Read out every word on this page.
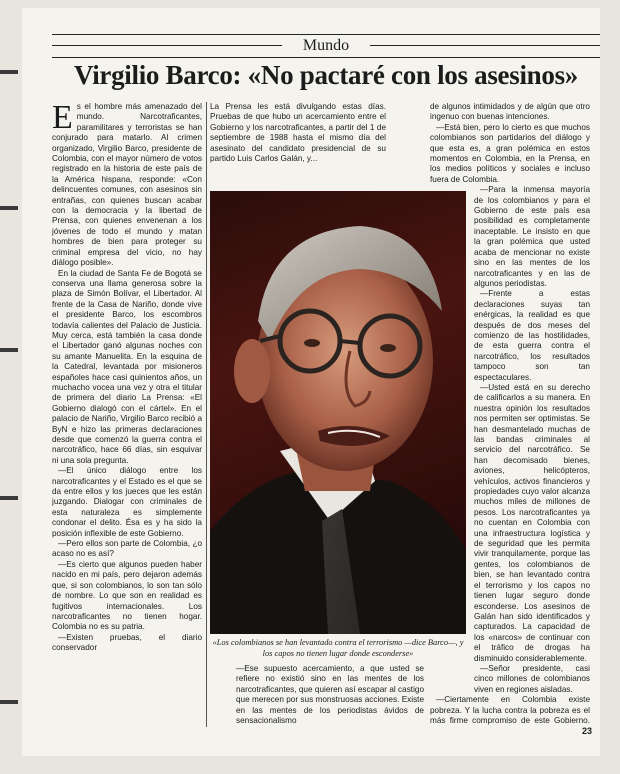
Mundo
Virgilio Barco: «No pactaré con los asesinos»

Es el hombre más amenazado del mundo. Narcotraficantes, paramilitares y terroristas se han conjurado para matarlo. Al crimen organizado, Virgilio Barco, presidente de Colombia, con el mayor número de votos registrado en la historia de este país de la América hispana, responde: «Con delincuentes comunes, con asesinos sin entrañas, con quienes buscan acabar con la democracia y la libertad de Prensa, con quienes envenenan a los jóvenes de todo el mundo y matan hombres de bien para proteger su criminal empresa del vicio, no hay diálogo posible».

En la ciudad de Santa Fe de Bogotá se conserva una llama generosa sobre la plaza de Simón Bolívar, el Libertador. Al frente de la Casa de Nariño, donde vive el presidente Barco, los escombros todavía calientes del Palacio de Justicia. Muy cerca, está también la casa donde el Libertador ganó algunas noches con su amante Manuelita. En la esquina de la Catedral, levantada por misioneros españoles hace casi quinientos años, un muchacho voceа una vez y otra el titular de primera del diario La Prensa: «El Gobierno dialogó con el cártel». En el palacio de Nariño, Virgilio Barco recibió a ByN e hizo las primeras declaraciones desde que comenzó la guerra contra el narcotráfico, hace 66 días, sin esquivar ni una sola pregunta.

—El único diálogo entre los narcotraficantes y el Estado es el que se da entre ellos y los jueces que les están juzgando. Dialogar con criminales de esta naturaleza es simplemente condonar el delito. Ésa es y ha sido la posición inflexible de este Gobierno.

—Pero ellos son parte de Colombia, ¿o acaso no es así?

—Es cierto que algunos pueden haber nacido en mi país, pero dejaron además que, si son colombianos, lo son tan sólo de nombre. Lo que son en realidad es fugitivos internacionales. Los narcotraficantes no tienen hogar. Colombia no es su patria.

—Existen pruebas, el diario conservador

La Prensa les está divulgando estas días. Pruebas de que hubo un acercamiento entre el Gobierno y los narcotraficantes, a partir del 1 de septiembre de 1988 hasta el mismo día del asesinato del candidato presidencial de su partido Luis Carlos Galán, y...

de algunos intimidados y de algún que otro ingenuo con buenas intenciones.

—Está bien, pero lo cierto es que muchos colombianos son partidarios del diálogo y que esta es, a gran polémica en estos momentos en Colombia, en la Prensa, en los medios políticos y sociales e incluso fuera de Colombia.

—Para la inmensa mayoría de los colombianos y para el Gobierno de este país esa posibilidad es completamente inaceptable. Le insisto en que la gran polémica que usted acaba de mencionar no existe sino en las mentes de los narcotraficantes y en las de algunos periodistas.

—Frente a estas declaraciones suyas tan enérgicas, la realidad es que después de dos meses del comienzo de las hostilidades, de esta guerra contra el narcotráfico, los resultados tampoco son tan espectaculares.

—Usted está en su derecho de calificarlos a su manera. En nuestra opinión los resultados nos permiten ser optimistas. Se han desmantelado muchas de las bandas criminales al servicio del narcotráfico. Se han decomisado bienes, aviones, helicópteros, vehículos, activos financieros y propiedades cuyo valor alcanza muchos miles de millones de pesos. Los narcotraficantes ya no cuentan en Colombia con una infraestructura logística y de seguridad que les permita vivir tranquilamente, porque las gentes, los colombianos de bien, se han levantado contra el terrorismo y los capos no tienen lugar seguro donde esconderse. Los asesinos de Galán han sido identificados y capturados. La capacidad de los «narcos» de continuar con el tráfico de drogas ha disminuido considerablemente.

—Señor presidente, casi cinco millones de colombianos viven en regiones aisladas.

—Ciertamente en Colombia existe pobreza. Y la lucha contra la pobreza es el más firme compromiso de este Gobierno.

«Los colombianos se han levantado contra el terrorismo —dice Barco—, y los capos no tienen lugar donde esconderse»

—Ese supuesto acercamiento, a que usted se refiere no existió sino en las mentes de los narcotraficantes, que quieren así escapar al castigo que merecen por sus monstruosas acciones. Existe en las mentes de los periodistas ávidos de sensacionalismo

23
